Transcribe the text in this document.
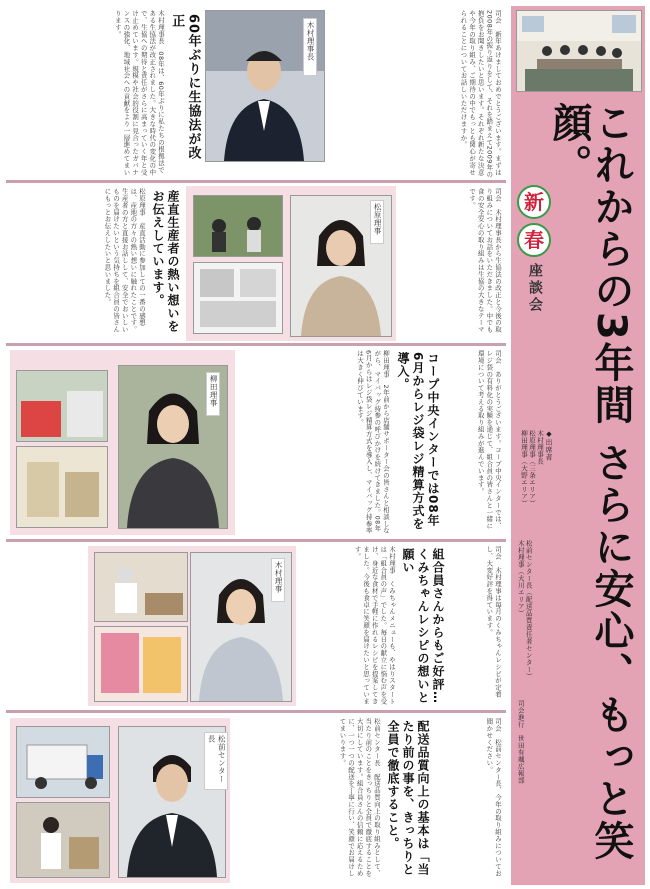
これからの3年間 さらに安心、もっと笑顔。
新
春
座談会
◆出席者
木村理事長
松原理事（三条エリア）
柳田理事（大野エリア）
木村理事（大川エリア） 松前センター長（配送品質責任者センター）
司会進行　世田有颯広報部
司会　新年あけましておめでとうございます。まずは2008年の振り返りをして、それを踏まえて2009年の抱負をお聞きしたいと思います。それぞれ新たな決意や今年の取り組み、ご期待の中でもっとも関心が寄せられることについてお話しいただけますか。
木村理事長
60年ぶりに生協法が改正
木村理事長　08年は、60年ぶりに私たちの根拠法である生協法が改正されました。大きな時代の変化の中で、生協への期待と責任がさらに高まっていく年と受け止めています。規模や社会的役割に見合ったガバナンスの強化、地域社会への貢献をより一層進めてまいります。
司会　木村理事長から生協法の改正と今後の取り組みについてお話をいただきました。中でも食の安全安心の取り組みは生協の大きなテーマです。
松原理事
産直生産者の熱い想いをお伝えしています。
松原理事　産直活動に参加しての一番の感想は、産地の方々の熱い想いに触れたことです。生産者の方と直接お話しして、安全でおいしいものを届けたいという気持ちを組合員の皆さんにもっとお伝えしたいと思いました。
司会　ありがとうございます。コープ中央インターでは、レジ袋の有料化の実験を通じて、組合員の皆さんと一緒に環境について考える取り組みが進んでいます。
コープ中央インターでは08年6月からレジ袋レジ精算方式を導入。
柳田理事　2年前から店舗サポーター会の皆さんと相談しながら、マイバッグ持参の呼びかけを続けてきました。08年6月からはレジ袋レジ精算方式を導入し、マイバッグ持参率は大きく伸びています。
柳田理事
司会　木村理事は毎月のくみちゃんレシピが定着し、大変好評を得ています。
組合員さんからもご好評…くみちゃんレシピの想いと願い
木村理事　くみちゃんメニューも、やはりスタートは「組合員の声」でした。毎日の献立に悩む声を受け、身近な食材で手軽に作れるレシピを提案してきました。今後も食卓に笑顔を届けたいと思っています。
木村理事
司会　松前センター長、今年の取り組みについてお聞かせください。
配送品質向上の基本は「当たり前の事を、きっちりと全員で徹底すること。
松前センター長　配送品質向上の取り組みとして、当たり前のことをきっちりと全員で徹底することを大切にしています。組合員さんの信頼に応えるために、一つ一つの配送を丁寧に行い、笑顔でお届けしてまいります。
松前センター長
